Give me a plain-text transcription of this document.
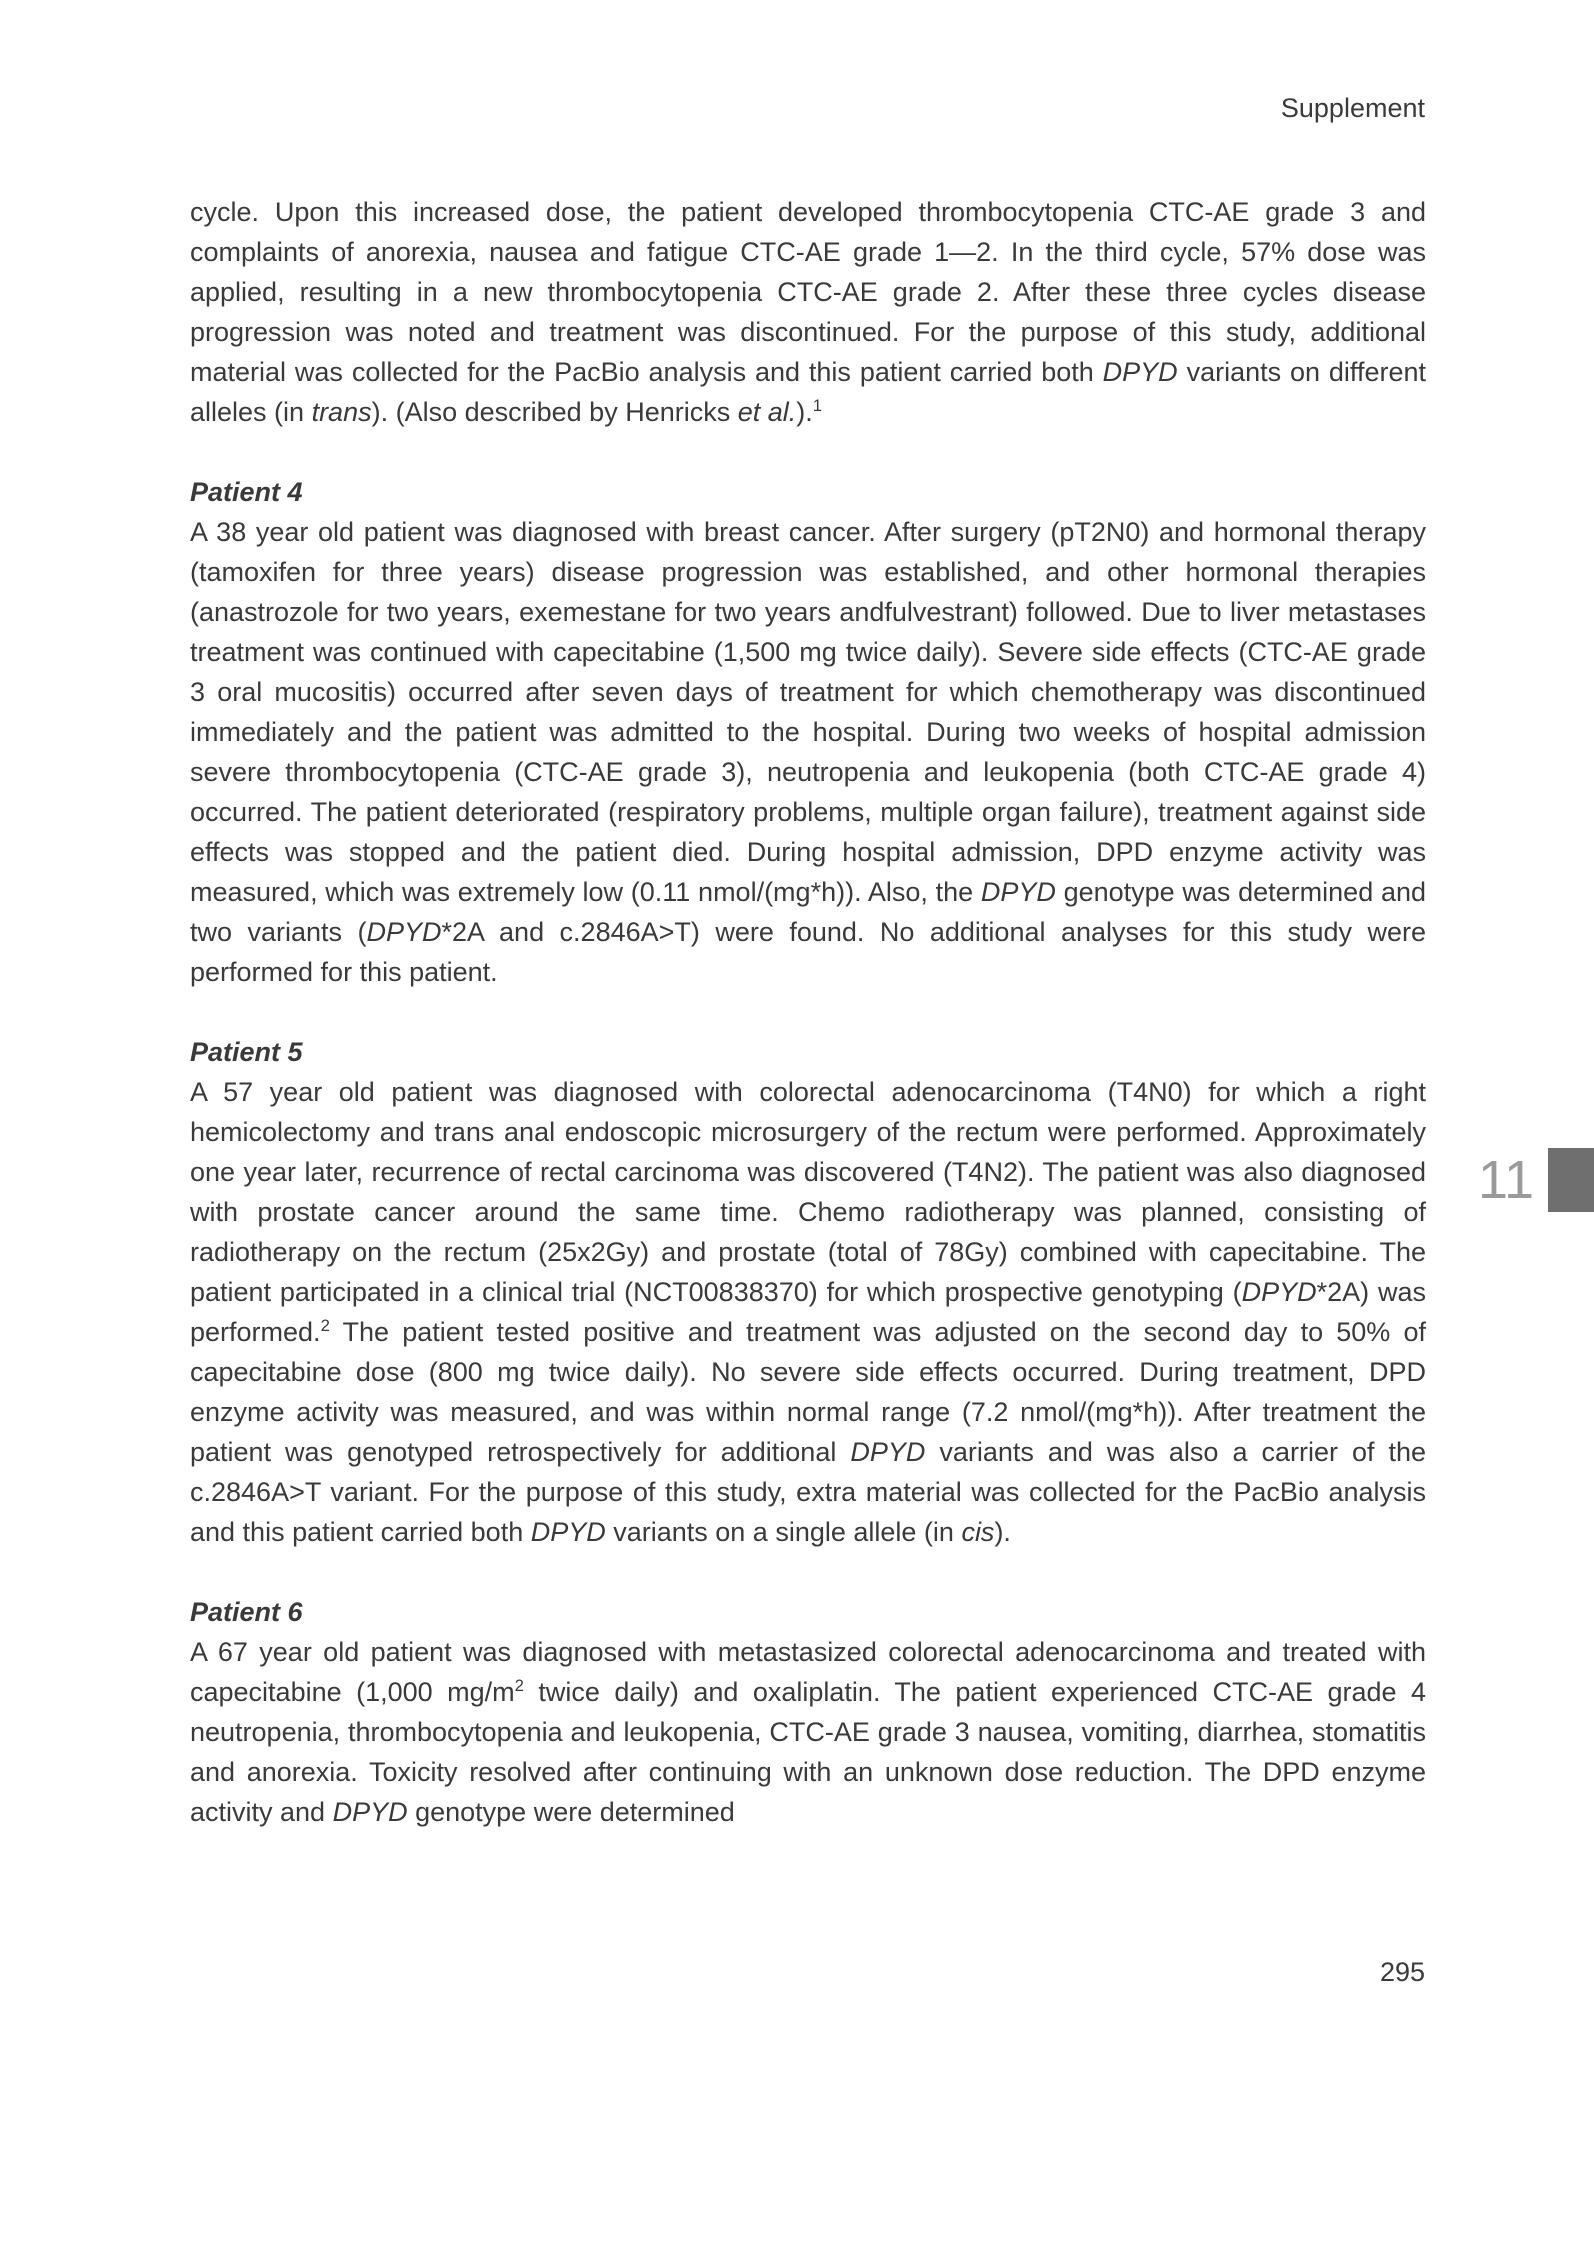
Supplement

cycle. Upon this increased dose, the patient developed thrombocytopenia CTC-AE grade 3 and complaints of anorexia, nausea and fatigue CTC-AE grade 1—2. In the third cycle, 57% dose was applied, resulting in a new thrombocytopenia CTC-AE grade 2. After these three cycles disease progression was noted and treatment was discontinued. For the purpose of this study, additional material was collected for the PacBio analysis and this patient carried both DPYD variants on different alleles (in trans). (Also described by Henricks et al.).$^1$

Patient 4

A 38 year old patient was diagnosed with breast cancer. After surgery (pT2N0) and hormonal therapy (tamoxifen for three years) disease progression was established, and other hormonal therapies (anastrozole for two years, exemestane for two years andfulvestrant) followed. Due to liver metastases treatment was continued with capecitabine (1,500 mg twice daily). Severe side effects (CTC-AE grade 3 oral mucositis) occurred after seven days of treatment for which chemotherapy was discontinued immediately and the patient was admitted to the hospital. During two weeks of hospital admission severe thrombocytopenia (CTC-AE grade 3), neutropenia and leukopenia (both CTC-AE grade 4) occurred. The patient deteriorated (respiratory problems, multiple organ failure), treatment against side effects was stopped and the patient died. During hospital admission, DPD enzyme activity was measured, which was extremely low (0.11 nmol/(mg*h)). Also, the DPYD genotype was determined and two variants (DPYD*2A and c.2846A>T) were found. No additional analyses for this study were performed for this patient.

Patient 5

A 57 year old patient was diagnosed with colorectal adenocarcinoma (T4N0) for which a right hemicolectomy and trans anal endoscopic microsurgery of the rectum were performed. Approximately one year later, recurrence of rectal carcinoma was discovered (T4N2). The patient was also diagnosed with prostate cancer around the same time. Chemo radiotherapy was planned, consisting of radiotherapy on the rectum (25x2Gy) and prostate (total of 78Gy) combined with capecitabine. The patient participated in a clinical trial (NCT00838370) for which prospective genotyping (DPYD*2A) was performed.$^2$ The patient tested positive and treatment was adjusted on the second day to 50% of capecitabine dose (800 mg twice daily). No severe side effects occurred. During treatment, DPD enzyme activity was measured, and was within normal range (7.2 nmol/(mg*h)). After treatment the patient was genotyped retrospectively for additional DPYD variants and was also a carrier of the c.2846A>T variant. For the purpose of this study, extra material was collected for the PacBio analysis and this patient carried both DPYD variants on a single allele (in cis).

Patient 6

A 67 year old patient was diagnosed with metastasized colorectal adenocarcinoma and treated with capecitabine (1,000 $mg/m^2$ twice daily) and oxaliplatin. The patient experienced CTC-AE grade 4 neutropenia, thrombocytopenia and leukopenia, CTC-AE grade 3 nausea, vomiting, diarrhea, stomatitis and anorexia. Toxicity resolved after continuing with an unknown dose reduction. The DPD enzyme activity and DPYD genotype were determined

11
295
